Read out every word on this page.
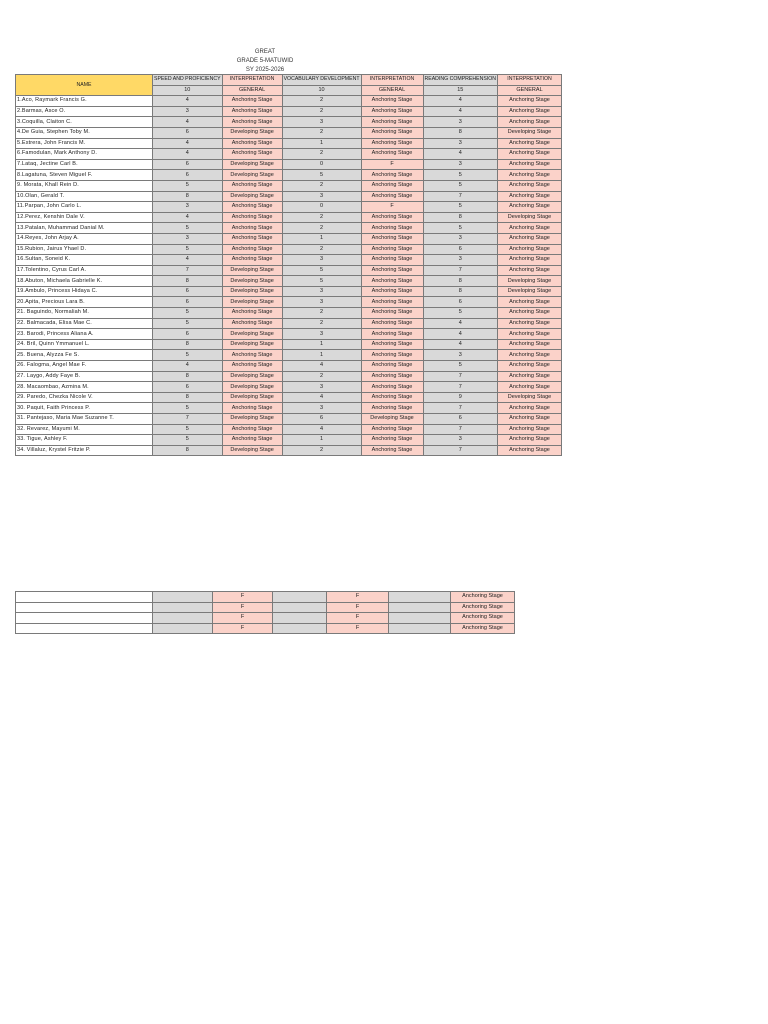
GREAT
GRADE 5-MATUWID
SY 2025-2026
NAME	SPEED AND PROFICIENCY	INTERPRETATION	VOCABULARY DEVELOPMENT	INTERPRETATION	READING COMPREHENSION	INTERPRETATION
	10	GENERAL	10	GENERAL	15	GENERAL
1.Aco, Raymark Francis G.	4	Anchoring Stage	2	Anchoring Stage	4	Anchoring Stage
2.Barmas, Asce O.	3	Anchoring Stage	2	Anchoring Stage	4	Anchoring Stage
3.Coquilla, Claiton C.	4	Anchoring Stage	3	Anchoring Stage	3	Anchoring Stage
4.De Guia, Stephen Toby M.	6	Developing Stage	2	Anchoring Stage	8	Developing Stage
5.Estrera, John Francis M.	4	Anchoring Stage	1	Anchoring Stage	3	Anchoring Stage
6.Famodulan, Mark Anthony D.	4	Anchoring Stage	2	Anchoring Stage	4	Anchoring Stage
7.Lataq, Jectine Carl B.	6	Developing Stage	0	F	3	Anchoring Stage
8.Lagatuna, Steven Miguel F.	6	Developing Stage	5	Anchoring Stage	5	Anchoring Stage
9. Morata, Khall Rein D.	5	Anchoring Stage	2	Anchoring Stage	5	Anchoring Stage
10.Olan, Gerald T.	8	Developing Stage	3	Anchoring Stage	7	Anchoring Stage
11.Parpan, John Carlo L.	3	Anchoring Stage	0	F	5	Anchoring Stage
12.Perez, Kenshin Dale V.	4	Anchoring Stage	2	Anchoring Stage	8	Developing Stage
13.Patalan, Muhammad Danial M.	5	Anchoring Stage	2	Anchoring Stage	5	Anchoring Stage
14.Reyes, John Arjay A.	3	Anchoring Stage	1	Anchoring Stage	3	Anchoring Stage
15.Rubion, Jairus Yhael D.	5	Anchoring Stage	2	Anchoring Stage	6	Anchoring Stage
16.Sultan, Soneid K.	4	Anchoring Stage	3	Anchoring Stage	3	Anchoring Stage
17.Tolentino, Cyrus Carl A.	7	Developing Stage	5	Anchoring Stage	7	Anchoring Stage
18.Abuton, Michaela Gabrielle K.	8	Developing Stage	5	Anchoring Stage	8	Developing Stage
19.Ambulo, Princess Hidaya C.	6	Developing Stage	3	Anchoring Stage	8	Developing Stage
20.Apita, Precious Lara B.	6	Developing Stage	3	Anchoring Stage	6	Anchoring Stage
21. Baguindo, Normaliah M.	5	Anchoring Stage	2	Anchoring Stage	5	Anchoring Stage
22. Balmacada, Elisa Mae C.	5	Anchoring Stage	2	Anchoring Stage	4	Anchoring Stage
23. Barodi, Princess Aliana A.	6	Developing Stage	3	Anchoring Stage	4	Anchoring Stage
24. Bril, Quinn Ymmanuel L.	8	Developing Stage	1	Anchoring Stage	4	Anchoring Stage
25. Buena, Alyzza Fe S.	5	Anchoring Stage	1	Anchoring Stage	3	Anchoring Stage
26. Falogma, Angel Mae F.	4	Anchoring Stage	4	Anchoring Stage	5	Anchoring Stage
27. Laygo, Addy Faye B.	8	Developing Stage	2	Anchoring Stage	7	Anchoring Stage
28. Macaombao, Azmina M.	6	Developing Stage	3	Anchoring Stage	7	Anchoring Stage
29. Paredo, Chezka Nicole V.	8	Developing Stage	4	Anchoring Stage	9	Developing Stage
30. Paquit, Faith Princess P.	5	Anchoring Stage	3	Anchoring Stage	7	Anchoring Stage
31. Pantejaso, Maria Mae Suzanne T.	7	Developing Stage	6	Developing Stage	6	Anchoring Stage
32. Revarez, Mayumi M.	5	Anchoring Stage	4	Anchoring Stage	7	Anchoring Stage
33. Tigue, Ashley F.	5	Anchoring Stage	1	Anchoring Stage	3	Anchoring Stage
34. Villaluz, Krystel Fritzie P.	8	Developing Stage	2	Anchoring Stage	7	Anchoring Stage
		F		F		Anchoring Stage
		F		F		Anchoring Stage
		F		F		Anchoring Stage
		F		F		Anchoring Stage
